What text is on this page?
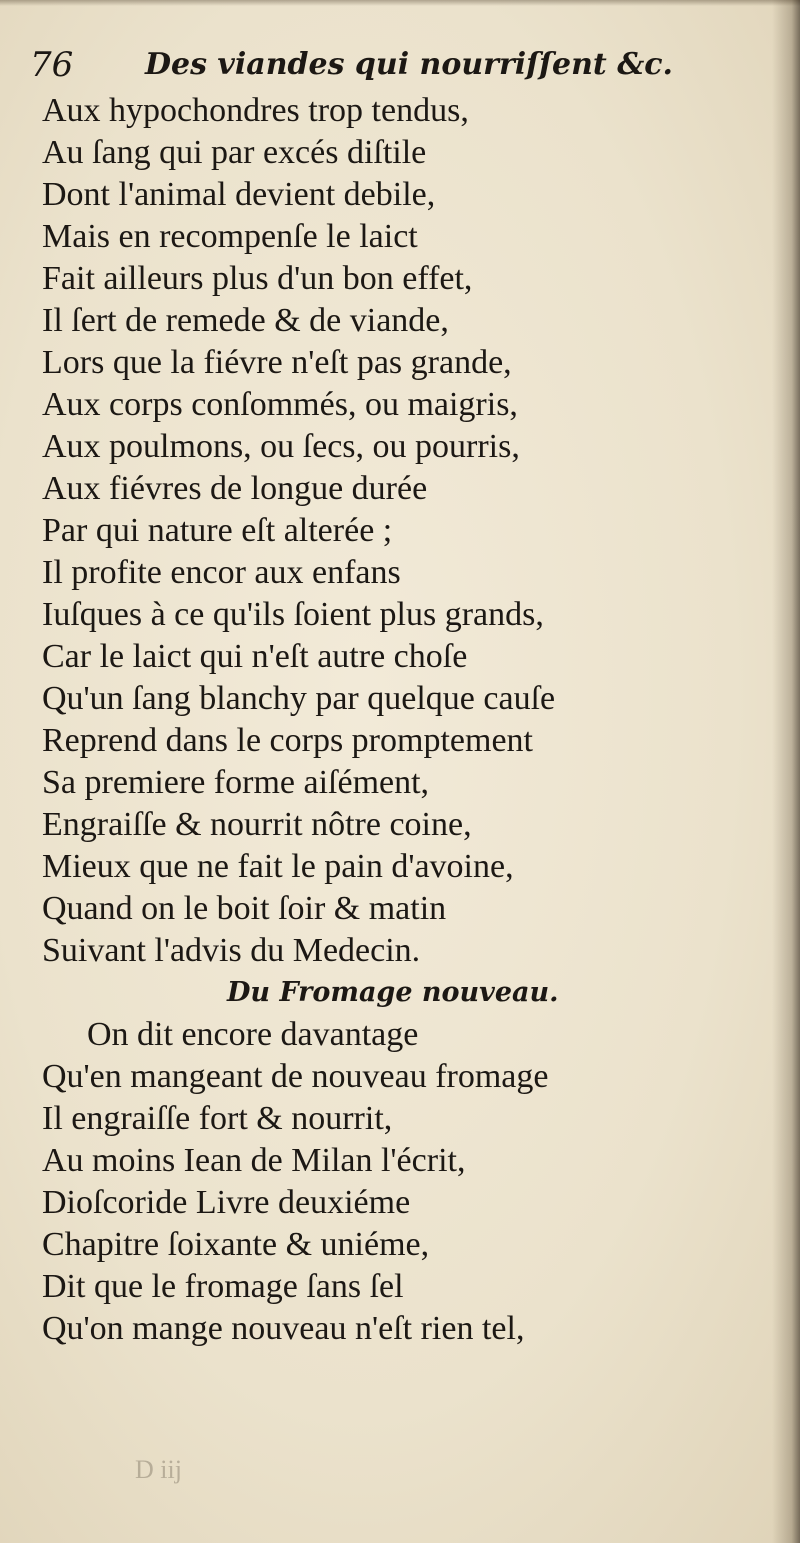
76 Des viandes qui nourriſſent &c.
Aux hypochondres trop tendus,
Au ſang qui par excés diſtile
Dont l'animal devient debile,
Mais en recompenſe le laict
Fait ailleurs plus d'un bon effet,
Il ſert de remede & de viande,
Lors que la fiévre n'eſt pas grande,
Aux corps conſommés, ou maigris,
Aux poulmons, ou ſecs, ou pourris,
Aux fiévres de longue durée
Par qui nature eſt alterée ;
Il profite encor aux enfans
Iuſques à ce qu'ils ſoient plus grands,
Car le laict qui n'eſt autre choſe
Qu'un ſang blanchy par quelque cauſe
Reprend dans le corps promptement
Sa premiere forme aiſément,
Engraiſſe & nourrit nôtre coine,
Mieux que ne fait le pain d'avoine,
Quand on le boit ſoir & matin
Suivant l'advis du Medecin.
Du Fromage nouveau.
On dit encore davantage
Qu'en mangeant de nouveau fromage
Il engraiſſe fort & nourrit,
Au moins Iean de Milan l'écrit,
Dioſcoride Livre deuxiéme
Chapitre ſoixante & uniéme,
Dit que le fromage ſans ſel
Qu'on mange nouveau n'eſt rien tel,
D iij
